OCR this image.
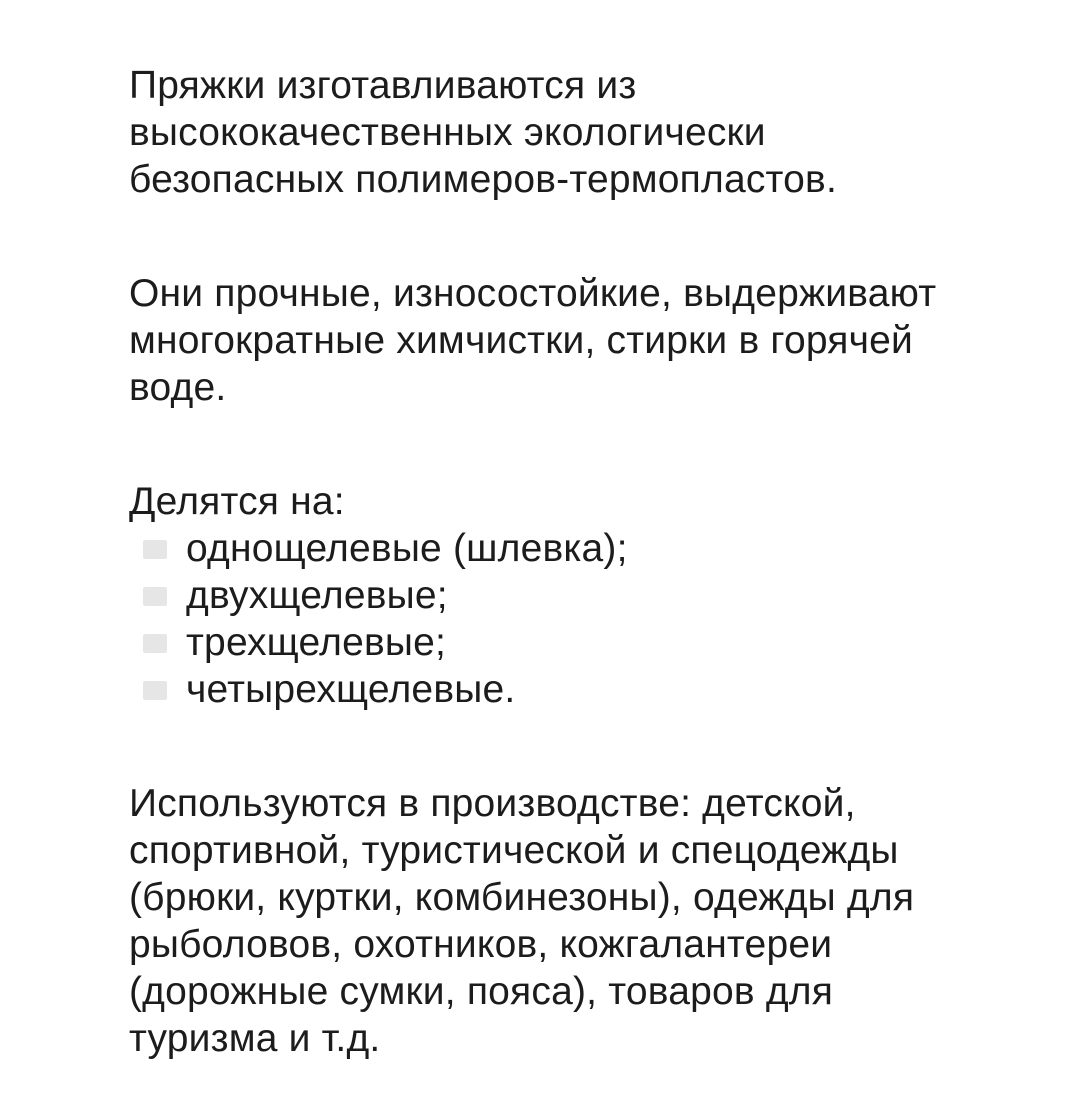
Пряжки изготавливаются из
высококачественных экологически
безопасных полимеров-термопластов.

Они прочные, износостойкие, выдерживают
многократные химчистки, стирки в горячей
воде.

Делятся на:

однощелевые (шлевка);
двухщелевые;
трехщелевые;
четырехщелевые.

Используются в производстве: детской,
спортивной, туристической и спецодежды
(брюки, куртки, комбинезоны), одежды для
рыболовов, охотников, кожгалантереи
(дорожные сумки, пояса), товаров для
туризма и т.д.
